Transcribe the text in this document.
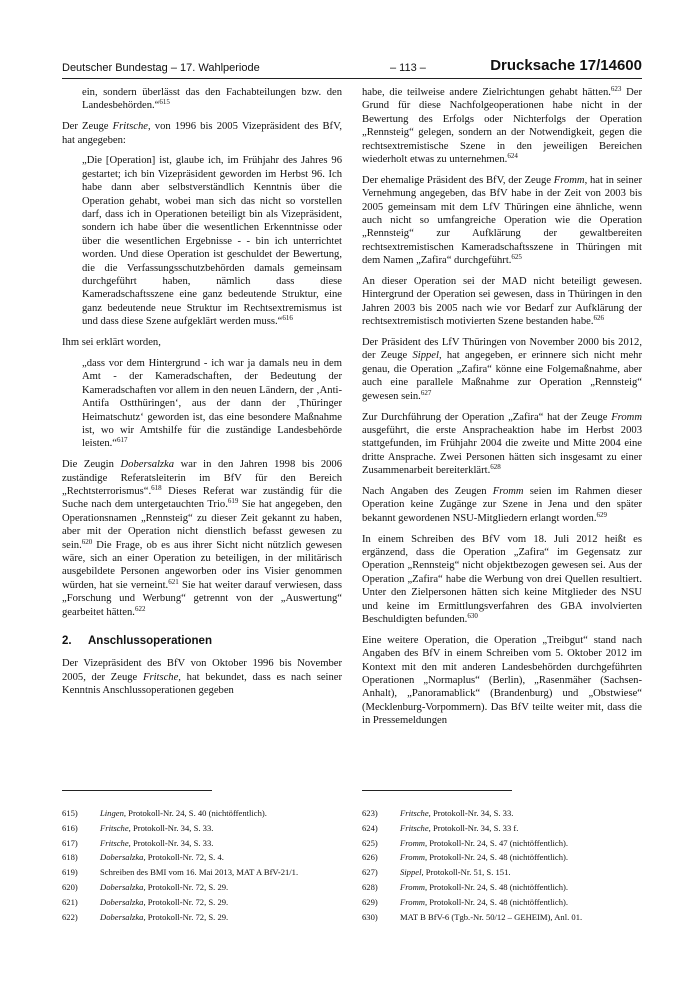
Deutscher Bundestag – 17. Wahlperiode	– 113 –	Drucksache 17/14600

ein, sondern überlässt das den Fachabteilungen bzw. den Landesbehörden.“$^{615}$

Der Zeuge Fritsche, von 1996 bis 2005 Vizepräsident des BfV, hat angegeben:

„Die [Operation] ist, glaube ich, im Frühjahr des Jahres 96 gestartet; ich bin Vizepräsident geworden im Herbst 96. Ich habe dann aber selbstverständlich Kenntnis über die Operation gehabt, wobei man sich das nicht so vorstellen darf, dass ich in Operationen beteiligt bin als Vizepräsident, sondern ich habe über die wesentlichen Erkenntnisse oder über die wesentlichen Ergebnisse - - bin ich unterrichtet worden. Und diese Operation ist geschuldet der Bewertung, die die Verfassungsschutzbehörden damals gemeinsam durchgeführt haben, nämlich dass diese Kameradschaftsszene eine ganz bedeutende Struktur, eine ganz bedeutende neue Struktur im Rechtsextremismus ist und dass diese Szene aufgeklärt werden muss.“$^{616}$

Ihm sei erklärt worden,

„dass vor dem Hintergrund - ich war ja damals neu in dem Amt - der Kameradschaften, der Bedeutung der Kameradschaften vor allem in den neuen Ländern, der ‚Anti-Antifa Ostthüringen‘, aus der dann der ‚Thüringer Heimatschutz‘ geworden ist, das eine besondere Maßnahme ist, wo wir Amtshilfe für die zuständige Landesbehörde leisten.“$^{617}$

Die Zeugin Dobersalzka war in den Jahren 1998 bis 2006 zuständige Referatsleiterin im BfV für den Bereich „Rechtsterrorismus“.$^{618}$ Dieses Referat war zuständig für die Suche nach dem untergetauchten Trio.$^{619}$ Sie hat angegeben, den Operationsnamen „Rennsteig“ zu dieser Zeit gekannt zu haben, aber mit der Operation nicht dienstlich befasst gewesen zu sein.$^{620}$ Die Frage, ob es aus ihrer Sicht nicht nützlich gewesen wäre, sich an einer Operation zu beteiligen, in der militärisch ausgebildete Personen angeworben oder ins Visier genommen würden, hat sie verneint.$^{621}$ Sie hat weiter darauf verwiesen, dass „Forschung und Werbung“ getrennt von der „Auswertung“ gearbeitet hätten.$^{622}$

2. Anschlussoperationen

Der Vizepräsident des BfV von Oktober 1996 bis November 2005, der Zeuge Fritsche, hat bekundet, dass es nach seiner Kenntnis Anschlussoperationen gegeben

habe, die teilweise andere Zielrichtungen gehabt hätten.$^{623}$ Der Grund für diese Nachfolgeoperationen habe nicht in der Bewertung des Erfolgs oder Nichterfolgs der Operation „Rennsteig“ gelegen, sondern an der Notwendigkeit, gegen die rechtsextremistische Szene in den jeweiligen Bereichen wiederholt etwas zu unternehmen.$^{624}$

Der ehemalige Präsident des BfV, der Zeuge Fromm, hat in seiner Vernehmung angegeben, das BfV habe in der Zeit von 2003 bis 2005 gemeinsam mit dem LfV Thüringen eine ähnliche, wenn auch nicht so umfangreiche Operation wie die Operation „Rennsteig“ zur Aufklärung der gewaltbereiten rechtsextremistischen Kameradschaftsszene in Thüringen mit dem Namen „Zafira“ durchgeführt.$^{625}$

An dieser Operation sei der MAD nicht beteiligt gewesen. Hintergrund der Operation sei gewesen, dass in Thüringen in den Jahren 2003 bis 2005 nach wie vor Bedarf zur Aufklärung der rechtsextremistisch motivierten Szene bestanden habe.$^{626}$

Der Präsident des LfV Thüringen von November 2000 bis 2012, der Zeuge Sippel, hat angegeben, er erinnere sich nicht mehr genau, die Operation „Zafira“ könne eine Folgemaßnahme, aber auch eine parallele Maßnahme zur Operation „Rennsteig“ gewesen sein.$^{627}$

Zur Durchführung der Operation „Zafira“ hat der Zeuge Fromm ausgeführt, die erste Anspracheaktion habe im Herbst 2003 stattgefunden, im Frühjahr 2004 die zweite und Mitte 2004 eine dritte Ansprache. Zwei Personen hätten sich insgesamt zu einer Zusammenarbeit bereiterklärt.$^{628}$

Nach Angaben des Zeugen Fromm seien im Rahmen dieser Operation keine Zugänge zur Szene in Jena und den später bekannt gewordenen NSU-Mitgliedern erlangt worden.$^{629}$

In einem Schreiben des BfV vom 18. Juli 2012 heißt es ergänzend, dass die Operation „Zafira“ im Gegensatz zur Operation „Rennsteig“ nicht objektbezogen gewesen sei. Aus der Operation „Zafira“ habe die Werbung von drei Quellen resultiert. Unter den Zielpersonen hätten sich keine Mitglieder des NSU und keine im Ermittlungsverfahren des GBA involvierten Beschuldigten befunden.$^{630}$

Eine weitere Operation, die Operation „Treibgut“ stand nach Angaben des BfV in einem Schreiben vom 5. Oktober 2012 im Kontext mit den mit anderen Landesbehörden durchgeführten Operationen „Normaplus“ (Berlin), „Rasenmäher (Sachsen-Anhalt), „Panoramablick“ (Brandenburg) und „Obstwiese“ (Mecklenburg-Vorpommern). Das BfV teilte weiter mit, dass die in Pressemeldungen

615)	Lingen, Protokoll-Nr. 24, S. 40 (nichtöffentlich).
616)	Fritsche, Protokoll-Nr. 34, S. 33.
617)	Fritsche, Protokoll-Nr. 34, S. 33.
618)	Dobersalzka, Protokoll-Nr. 72, S. 4.
619)	Schreiben des BMI vom 16. Mai 2013, MAT A BfV-21/1.
620)	Dobersalzka, Protokoll-Nr. 72, S. 29.
621)	Dobersalzka, Protokoll-Nr. 72, S. 29.
622)	Dobersalzka, Protokoll-Nr. 72, S. 29.
623)	Fritsche, Protokoll-Nr. 34, S. 33.
624)	Fritsche, Protokoll-Nr. 34, S. 33 f.
625)	Fromm, Protokoll-Nr. 24, S. 47 (nichtöffentlich).
626)	Fromm, Protokoll-Nr. 24, S. 48 (nichtöffentlich).
627)	Sippel, Protokoll-Nr. 51, S. 151.
628)	Fromm, Protokoll-Nr. 24, S. 48 (nichtöffentlich).
629)	Fromm, Protokoll-Nr. 24, S. 48 (nichtöffentlich).
630)	MAT B BfV-6 (Tgb.-Nr. 50/12 – GEHEIM), Anl. 01.
